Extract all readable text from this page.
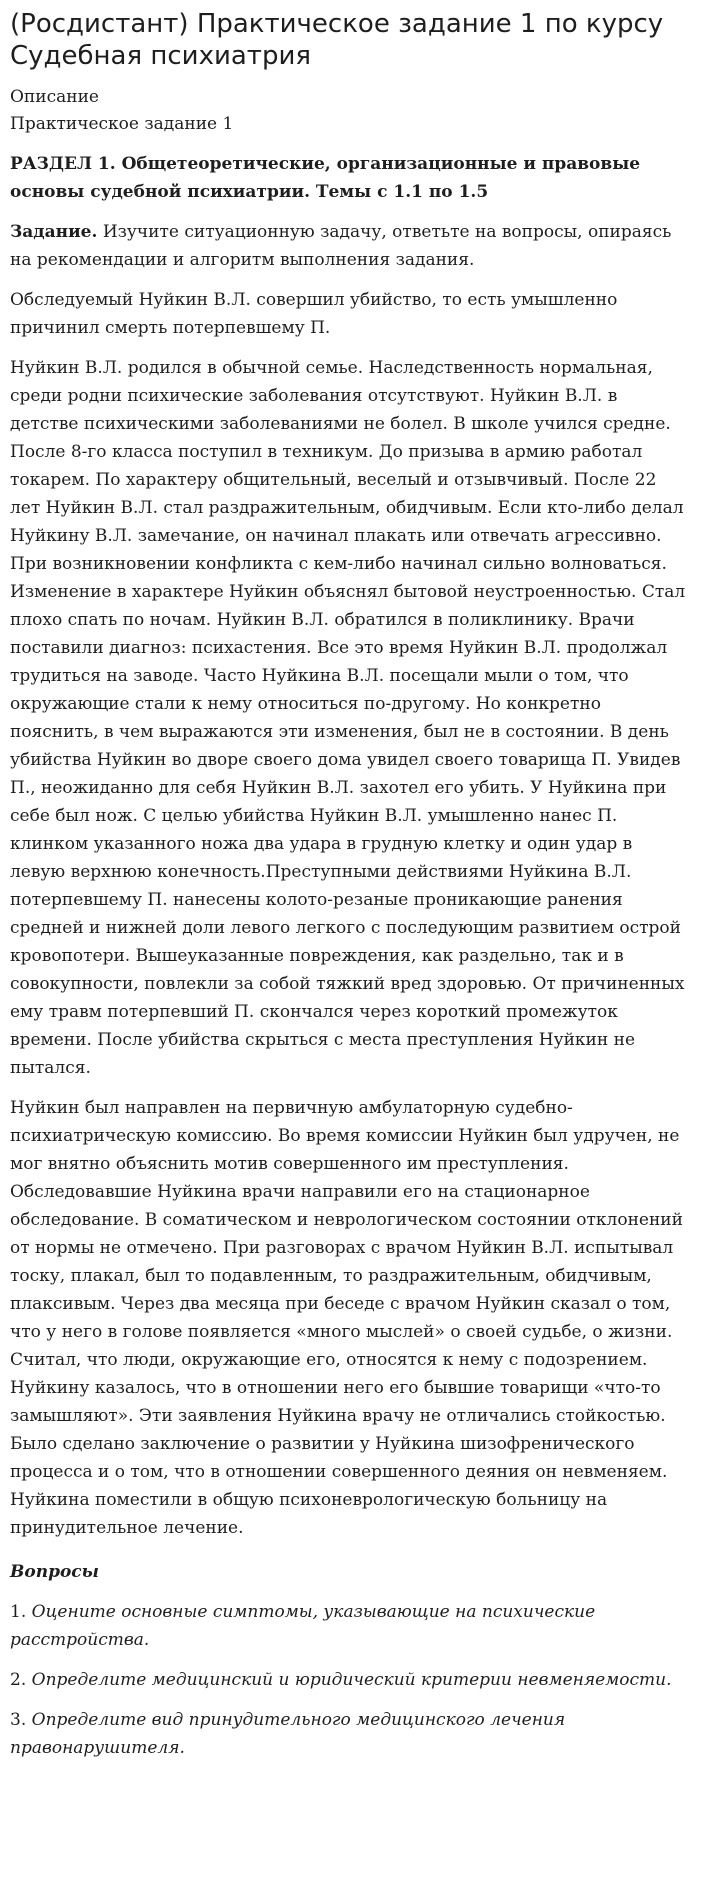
(Росдистант) Практическое задание 1 по курсу Судебная психиатрия
Описание
Практическое задание 1
РАЗДЕЛ 1. Общетеоретические, организационные и правовые основы судебной психиатрии. Темы с 1.1 по 1.5

Задание. Изучите ситуационную задачу, ответьте на вопросы, опираясь на рекомендации и алгоритм выполнения задания.

Обследуемый Нуйкин В.Л. совершил убийство, то есть умышленно причинил смерть потерпевшему П.

Нуйкин В.Л. родился в обычной семье. Наследственность нормальная, среди родни психические заболевания отсутствуют. Нуйкин В.Л. в детстве психическими заболеваниями не болел. В школе учился средне. После 8-го класса поступил в техникум. До призыва в армию работал токарем. По характеру общительный, веселый и отзывчивый. После 22 лет Нуйкин В.Л. стал раздражительным, обидчивым. Если кто-либо делал Нуйкину В.Л. замечание, он начинал плакать или отвечать агрессивно. При возникновении конфликта с кем-либо начинал сильно волноваться. Изменение в характере Нуйкин объяснял бытовой неустроенностью. Стал плохо спать по ночам. Нуйкин В.Л. обратился в поликлинику. Врачи поставили диагноз: психастения. Все это время Нуйкин В.Л. продолжал трудиться на заводе. Часто Нуйкина В.Л. посещали мыли о том, что окружающие стали к нему относиться по-другому. Но конкретно пояснить, в чем выражаются эти изменения, был не в состоянии. В день убийства Нуйкин во дворе своего дома увидел своего товарища П. Увидев П., неожиданно для себя Нуйкин В.Л. захотел его убить. У Нуйкина при себе был нож. С целью убийства Нуйкин В.Л. умышленно нанес П. клинком указанного ножа два удара в грудную клетку и один удар в левую верхнюю конечность.Преступными действиями Нуйкина В.Л. потерпевшему П. нанесены колото-резаные проникающие ранения средней и нижней доли левого легкого с последующим развитием острой кровопотери. Вышеуказанные повреждения, как раздельно, так и в совокупности, повлекли за собой тяжкий вред здоровью. От причиненных ему травм потерпевший П. скончался через короткий промежуток времени. После убийства скрыться с места преступления Нуйкин не пытался.

Нуйкин был направлен на первичную амбулаторную судебно-психиатрическую комиссию. Во время комиссии Нуйкин был удручен, не мог внятно объяснить мотив совершенного им преступления. Обследовавшие Нуйкина врачи направили его на стационарное обследование. В соматическом и неврологическом состоянии отклонений от нормы не отмечено. При разговорах с врачом Нуйкин В.Л. испытывал тоску, плакал, был то подавленным, то раздражительным, обидчивым, плаксивым. Через два месяца при беседе с врачом Нуйкин сказал о том, что у него в голове появляется «много мыслей» о своей судьбе, о жизни. Считал, что люди, окружающие его, относятся к нему с подозрением. Нуйкину казалось, что в отношении него его бывшие товарищи «что-то замышляют». Эти заявления Нуйкина врачу не отличались стойкостью. Было сделано заключение о развитии у Нуйкина шизофренического процесса и о том, что в отношении совершенного деяния он невменяем. Нуйкина поместили в общую психоневрологическую больницу на принудительное лечение.

Вопросы
1. Оцените основные симптомы, указывающие на психические расстройства.
2. Определите медицинский и юридический критерии невменяемости.
3. Определите вид принудительного медицинского лечения правонарушителя.
